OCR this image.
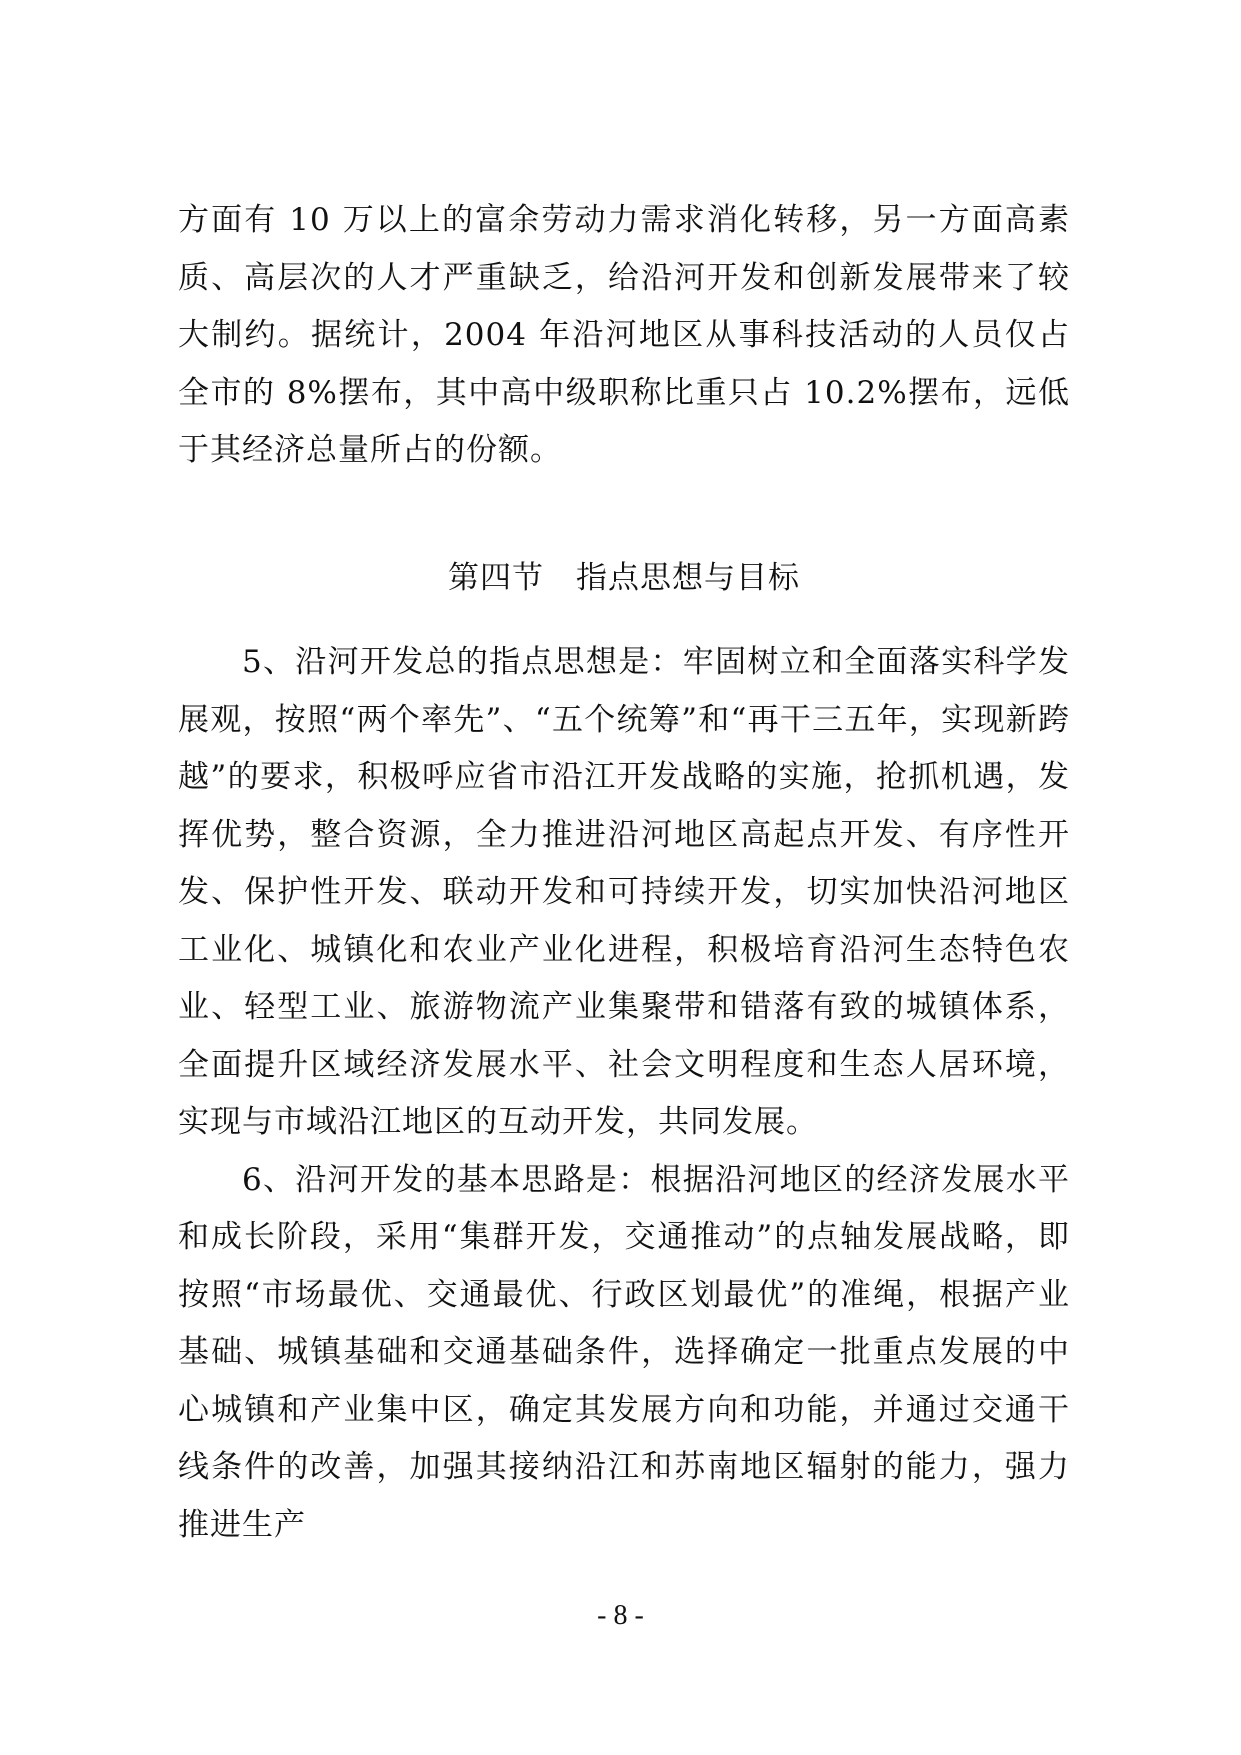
方面有 10 万以上的富余劳动力需求消化转移，另一方面高素质、高层次的人才严重缺乏，给沿河开发和创新发展带来了较大制约。据统计，2004 年沿河地区从事科技活动的人员仅占全市的 8%摆布，其中高中级职称比重只占 10.2%摆布，远低于其经济总量所占的份额。

第四节　指点思想与目标

5、沿河开发总的指点思想是：牢固树立和全面落实科学发展观，按照“两个率先”、“五个统筹”和“再干三五年，实现新跨越”的要求，积极呼应省市沿江开发战略的实施，抢抓机遇，发挥优势，整合资源，全力推进沿河地区高起点开发、有序性开发、保护性开发、联动开发和可持续开发，切实加快沿河地区工业化、城镇化和农业产业化进程，积极培育沿河生态特色农业、轻型工业、旅游物流产业集聚带和错落有致的城镇体系，全面提升区域经济发展水平、社会文明程度和生态人居环境，实现与市域沿江地区的互动开发，共同发展。

6、沿河开发的基本思路是：根据沿河地区的经济发展水平和成长阶段，采用“集群开发，交通推动”的点轴发展战略，即按照“市场最优、交通最优、行政区划最优”的准绳，根据产业基础、城镇基础和交通基础条件，选择确定一批重点发展的中心城镇和产业集中区，确定其发展方向和功能，并通过交通干线条件的改善，加强其接纳沿江和苏南地区辐射的能力，强力推进生产

- 8 -
